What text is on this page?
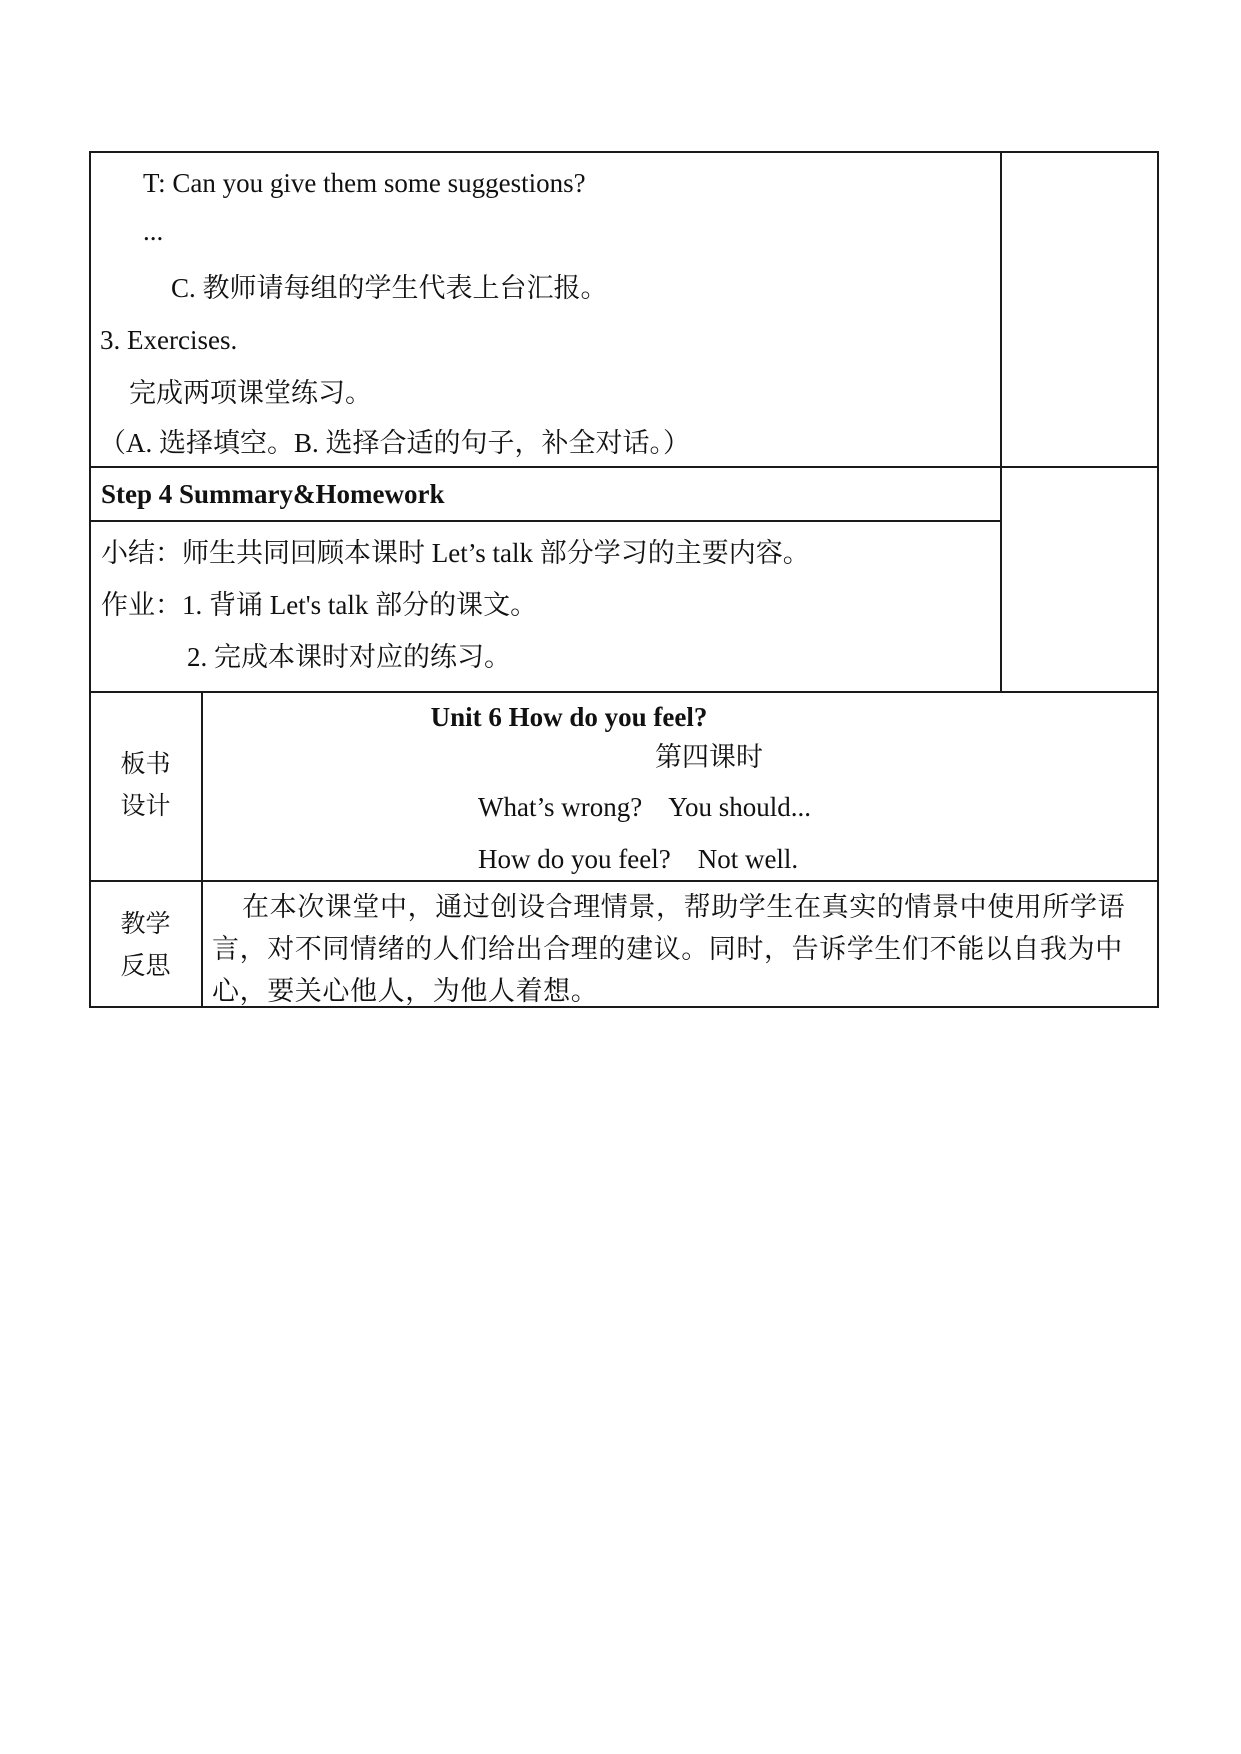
T: Can you give them some suggestions?
...
C. 教师请每组的学生代表上台汇报。
3. Exercises.
完成两项课堂练习。
（A. 选择填空。B. 选择合适的句子，补全对话。）
Step 4 Summary&Homework
小结：师生共同回顾本课时 Let’s talk 部分学习的主要内容。
作业：1. 背诵 Let's talk 部分的课文。
2. 完成本课时对应的练习。
板书
设计
Unit 6 How do you feel?
第四课时
What’s wrong?    You should...
How do you feel?    Not well.
教学
反思
在本次课堂中，通过创设合理情景，帮助学生在真实的情景中使用所学语言，对不同情绪的人们给出合理的建议。同时，告诉学生们不能以自我为中心，要关心他人，为他人着想。
